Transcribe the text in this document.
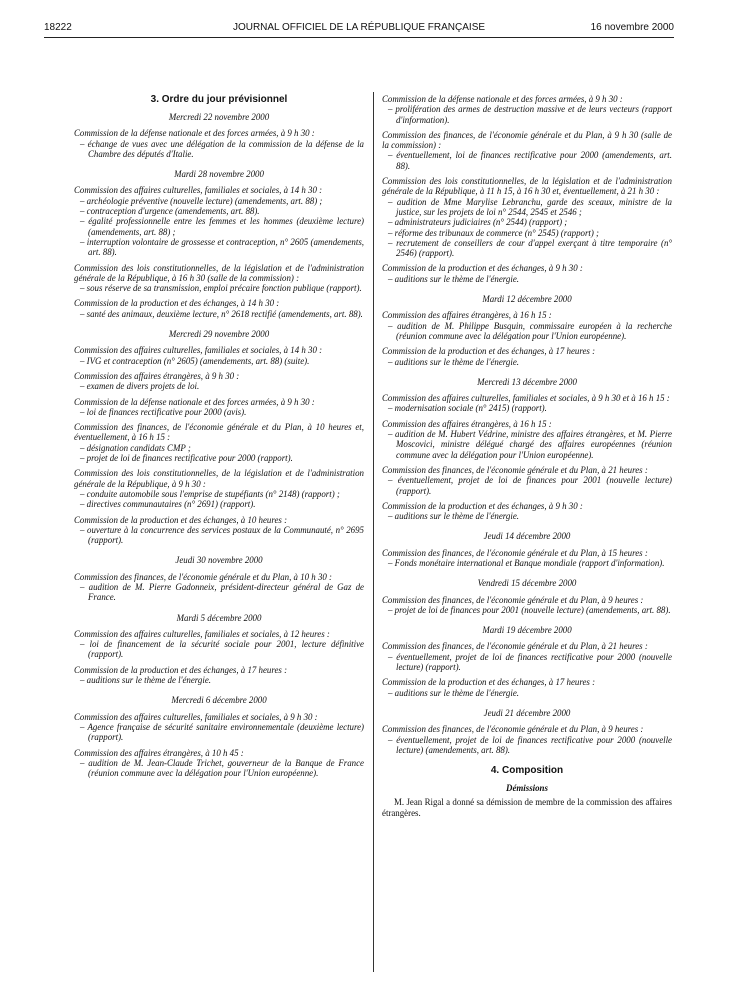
18222	JOURNAL OFFICIEL DE LA RÉPUBLIQUE FRANÇAISE	16 novembre 2000
3. Ordre du jour prévisionnel
Mercredi 22 novembre 2000
Commission de la défense nationale et des forces armées, à 9 h 30 :
– échange de vues avec une délégation de la commission de la défense de la Chambre des députés d'Italie.
Mardi 28 novembre 2000
Commission des affaires culturelles, familiales et sociales, à 14 h 30 :
– archéologie préventive (nouvelle lecture) (amendements, art. 88) ;
– contraception d'urgence (amendements, art. 88).
– égalité professionnelle entre les femmes et les hommes (deuxième lecture) (amendements, art. 88) ;
– interruption volontaire de grossesse et contraception, n° 2605 (amendements, art. 88).
Commission des lois constitutionnelles, de la législation et de l'administration générale de la République, à 16 h 30 (salle de la commission) :
– sous réserve de sa transmission, emploi précaire fonction publique (rapport).
Commission de la production et des échanges, à 14 h 30 :
– santé des animaux, deuxième lecture, n° 2618 rectifié (amendements, art. 88).
Mercredi 29 novembre 2000
Commission des affaires culturelles, familiales et sociales, à 14 h 30 :
– IVG et contraception (n° 2605) (amendements, art. 88) (suite).
Commission des affaires étrangères, à 9 h 30 :
– examen de divers projets de loi.
Commission de la défense nationale et des forces armées, à 9 h 30 :
– loi de finances rectificative pour 2000 (avis).
Commission des finances, de l'économie générale et du Plan, à 10 heures et, éventuellement, à 16 h 15 :
– désignation candidats CMP ;
– projet de loi de finances rectificative pour 2000 (rapport).
Commission des lois constitutionnelles, de la législation et de l'administration générale de la République, à 9 h 30 :
– conduite automobile sous l'emprise de stupéfiants (n° 2148) (rapport) ;
– directives communautaires (n° 2691) (rapport).
Commission de la production et des échanges, à 10 heures :
– ouverture à la concurrence des services postaux de la Communauté, n° 2695 (rapport).
Jeudi 30 novembre 2000
Commission des finances, de l'économie générale et du Plan, à 10 h 30 :
– audition de M. Pierre Gadonneix, président-directeur général de Gaz de France.
Mardi 5 décembre 2000
Commission des affaires culturelles, familiales et sociales, à 12 heures :
– loi de financement de la sécurité sociale pour 2001, lecture définitive (rapport).
Commission de la production et des échanges, à 17 heures :
– auditions sur le thème de l'énergie.
Mercredi 6 décembre 2000
Commission des affaires culturelles, familiales et sociales, à 9 h 30 :
– Agence française de sécurité sanitaire environnementale (deuxième lecture) (rapport).
Commission des affaires étrangères, à 10 h 45 :
– audition de M. Jean-Claude Trichet, gouverneur de la Banque de France (réunion commune avec la délégation pour l'Union européenne).
Commission de la défense nationale et des forces armées, à 9 h 30 :
– prolifération des armes de destruction massive et de leurs vecteurs (rapport d'information).
Commission des finances, de l'économie générale et du Plan, à 9 h 30 (salle de la commission) :
– éventuellement, loi de finances rectificative pour 2000 (amendements, art. 88).
Commission des lois constitutionnelles, de la législation et de l'administration générale de la République, à 11 h 15, à 16 h 30 et, éventuellement, à 21 h 30 :
– audition de Mme Marylise Lebranchu, garde des sceaux, ministre de la justice, sur les projets de loi n° 2544, 2545 et 2546 ;
– administrateurs judiciaires (n° 2544) (rapport) ;
– réforme des tribunaux de commerce (n° 2545) (rapport) ;
– recrutement de conseillers de cour d'appel exerçant à titre temporaire (n° 2546) (rapport).
Commission de la production et des échanges, à 9 h 30 :
– auditions sur le thème de l'énergie.
Mardi 12 décembre 2000
Commission des affaires étrangères, à 16 h 15 :
– audition de M. Philippe Busquin, commissaire européen à la recherche (réunion commune avec la délégation pour l'Union européenne).
Commission de la production et des échanges, à 17 heures :
– auditions sur le thème de l'énergie.
Mercredi 13 décembre 2000
Commission des affaires culturelles, familiales et sociales, à 9 h 30 et à 16 h 15 :
– modernisation sociale (n° 2415) (rapport).
Commission des affaires étrangères, à 16 h 15 :
– audition de M. Hubert Védrine, ministre des affaires étrangères, et M. Pierre Moscovici, ministre délégué chargé des affaires européennes (réunion commune avec la délégation pour l'Union européenne).
Commission des finances, de l'économie générale et du Plan, à 21 heures :
– éventuellement, projet de loi de finances pour 2001 (nouvelle lecture) (rapport).
Commission de la production et des échanges, à 9 h 30 :
– auditions sur le thème de l'énergie.
Jeudi 14 décembre 2000
Commission des finances, de l'économie générale et du Plan, à 15 heures :
– Fonds monétaire international et Banque mondiale (rapport d'information).
Vendredi 15 décembre 2000
Commission des finances, de l'économie générale et du Plan, à 9 heures :
– projet de loi de finances pour 2001 (nouvelle lecture) (amendements, art. 88).
Mardi 19 décembre 2000
Commission des finances, de l'économie générale et du Plan, à 21 heures :
– éventuellement, projet de loi de finances rectificative pour 2000 (nouvelle lecture) (rapport).
Commission de la production et des échanges, à 17 heures :
– auditions sur le thème de l'énergie.
Jeudi 21 décembre 2000
Commission des finances, de l'économie générale et du Plan, à 9 heures :
– éventuellement, projet de loi de finances rectificative pour 2000 (nouvelle lecture) (amendements, art. 88).
4. Composition
Démissions
M. Jean Rigal a donné sa démission de membre de la commission des affaires étrangères.
